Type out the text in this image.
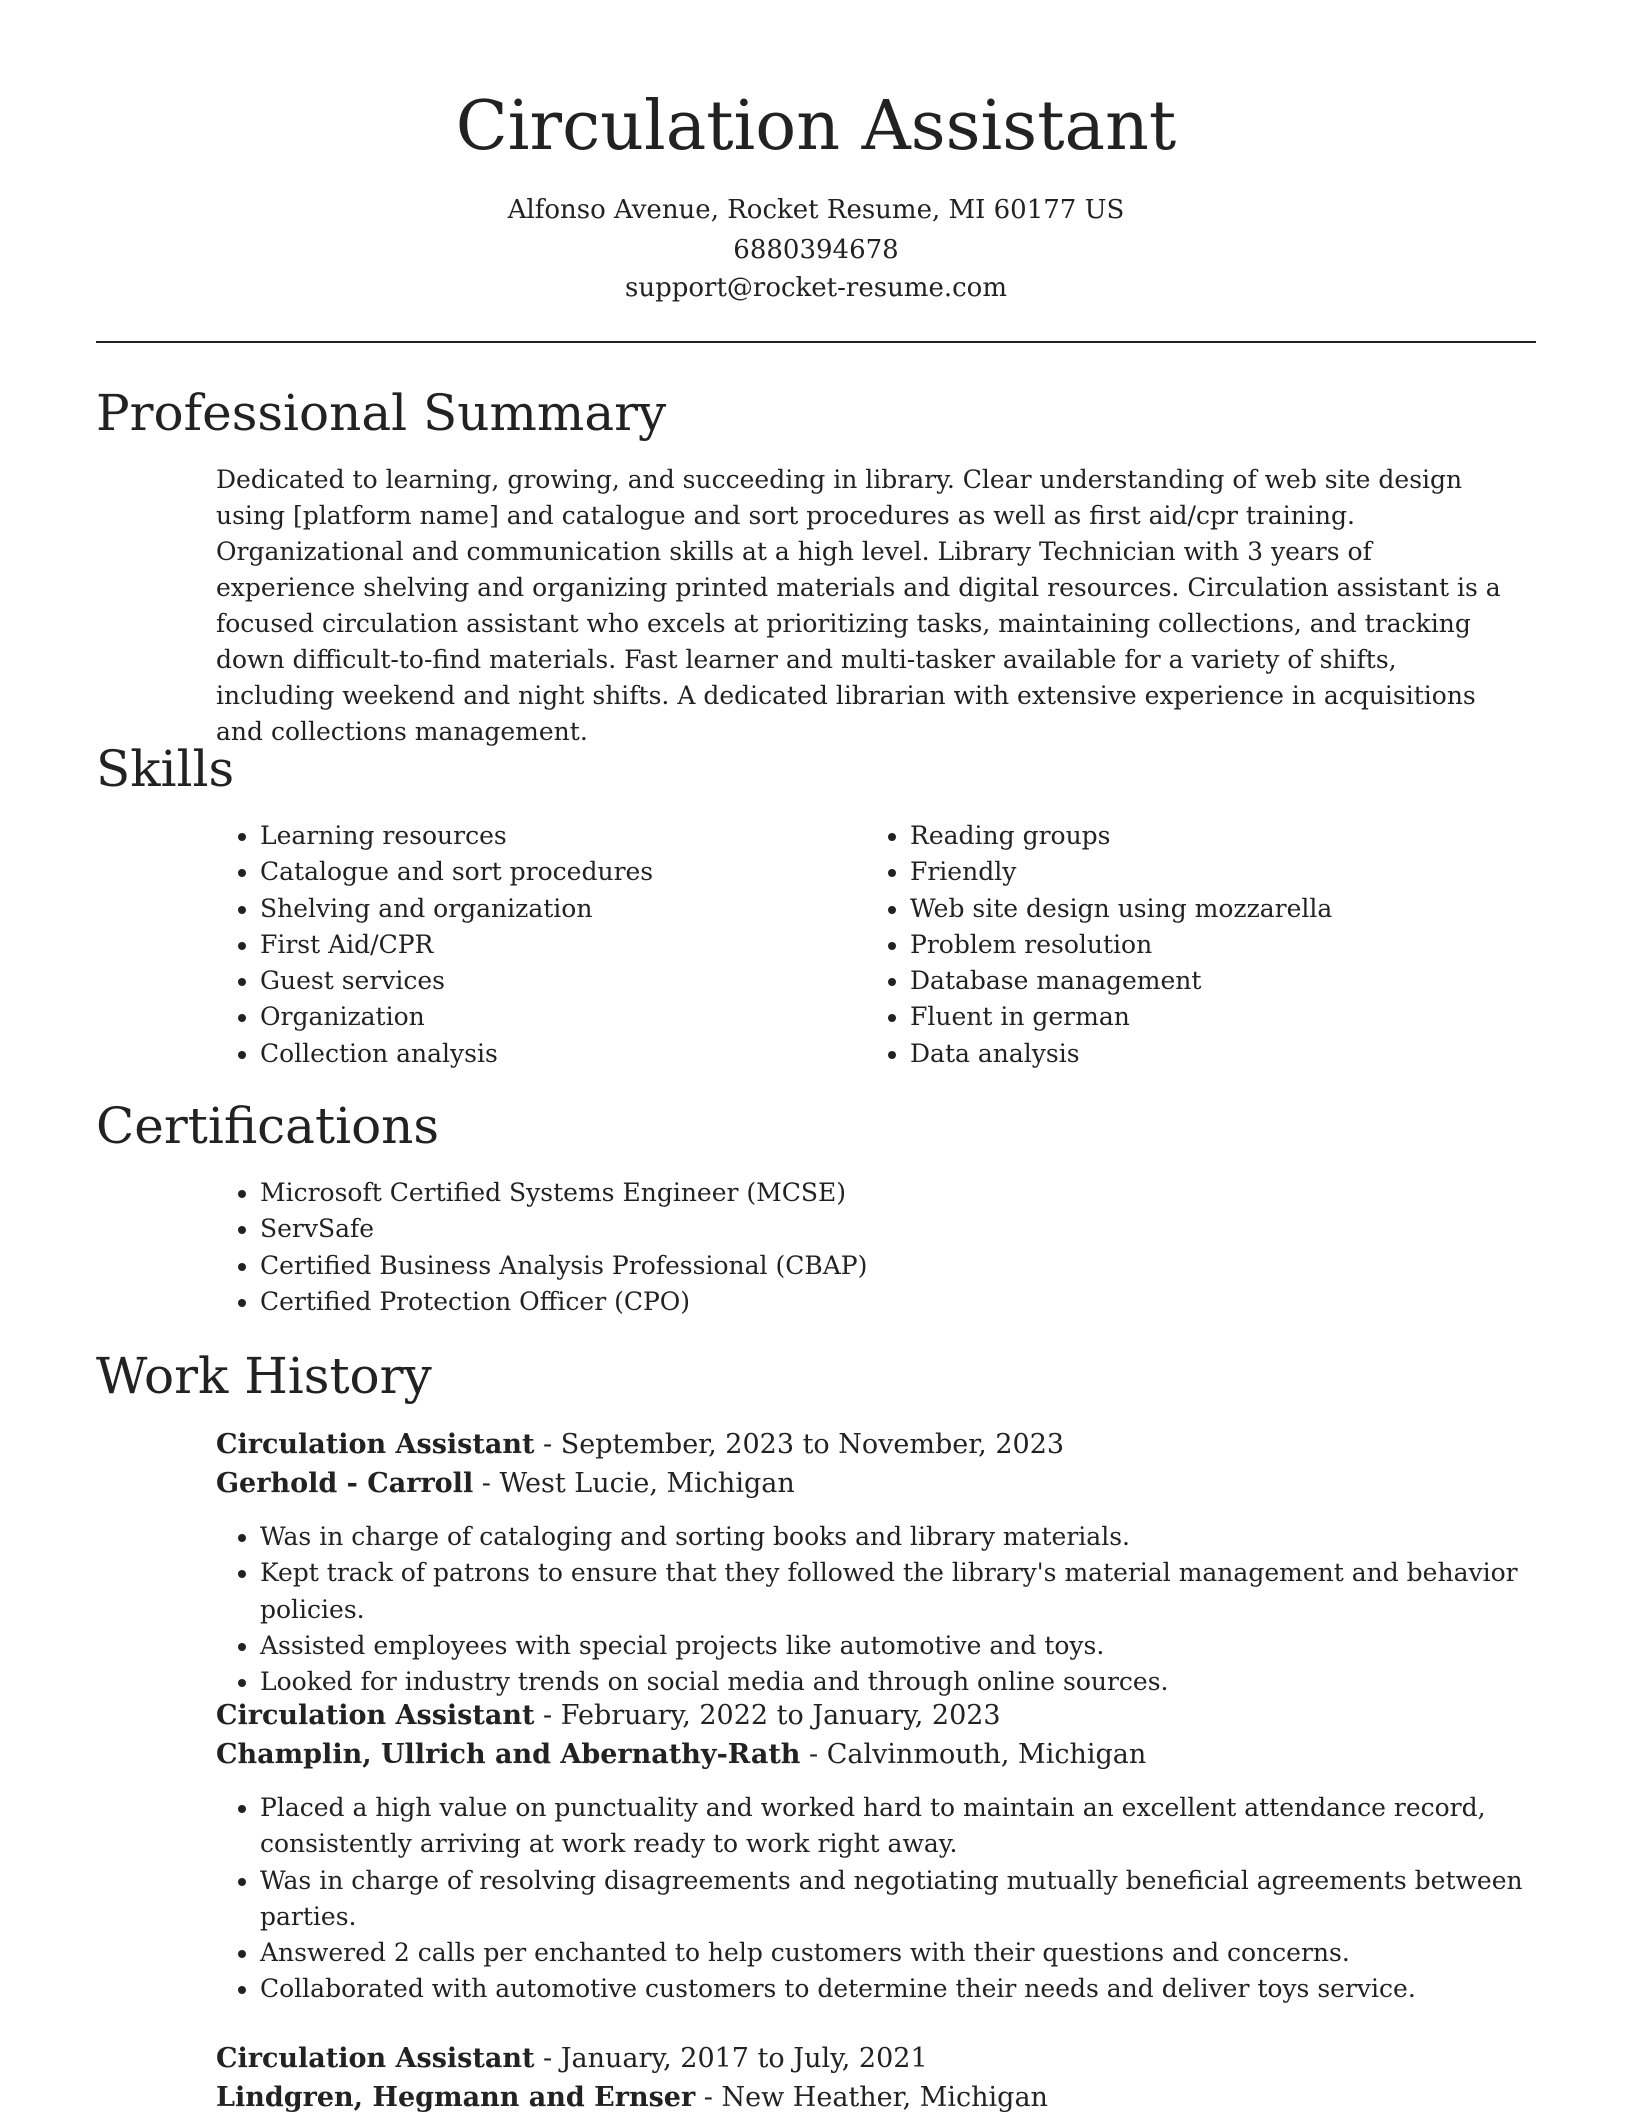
Circulation Assistant
Alfonso Avenue, Rocket Resume, MI 60177 US
6880394678
support@rocket-resume.com
Professional Summary

Dedicated to learning, growing, and succeeding in library. Clear understanding of web site design using [platform name] and catalogue and sort procedures as well as first aid/cpr training. Organizational and communication skills at a high level. Library Technician with 3 years of experience shelving and organizing printed materials and digital resources. Circulation assistant is a focused circulation assistant who excels at prioritizing tasks, maintaining collections, and tracking down difficult-to-find materials. Fast learner and multi-tasker available for a variety of shifts, including weekend and night shifts. A dedicated librarian with extensive experience in acquisitions and collections management.

Skills
• Learning resources
• Catalogue and sort procedures
• Shelving and organization
• First Aid/CPR
• Guest services
• Organization
• Collection analysis
• Reading groups
• Friendly
• Web site design using mozzarella
• Problem resolution
• Database management
• Fluent in german
• Data analysis
Certifications
• Microsoft Certified Systems Engineer (MCSE)
• ServSafe
• Certified Business Analysis Professional (CBAP)
• Certified Protection Officer (CPO)
Work History
Circulation Assistant - September, 2023 to November, 2023
Gerhold - Carroll - West Lucie, Michigan
• Was in charge of cataloging and sorting books and library materials.
• Kept track of patrons to ensure that they followed the library's material management and behavior policies.
• Assisted employees with special projects like automotive and toys.
• Looked for industry trends on social media and through online sources.
Circulation Assistant - February, 2022 to January, 2023
Champlin, Ullrich and Abernathy-Rath - Calvinmouth, Michigan
• Placed a high value on punctuality and worked hard to maintain an excellent attendance record, consistently arriving at work ready to work right away.
• Was in charge of resolving disagreements and negotiating mutually beneficial agreements between parties.
• Answered 2 calls per enchanted to help customers with their questions and concerns.
• Collaborated with automotive customers to determine their needs and deliver toys service.
Circulation Assistant - January, 2017 to July, 2021
Lindgren, Hegmann and Ernser - New Heather, Michigan
